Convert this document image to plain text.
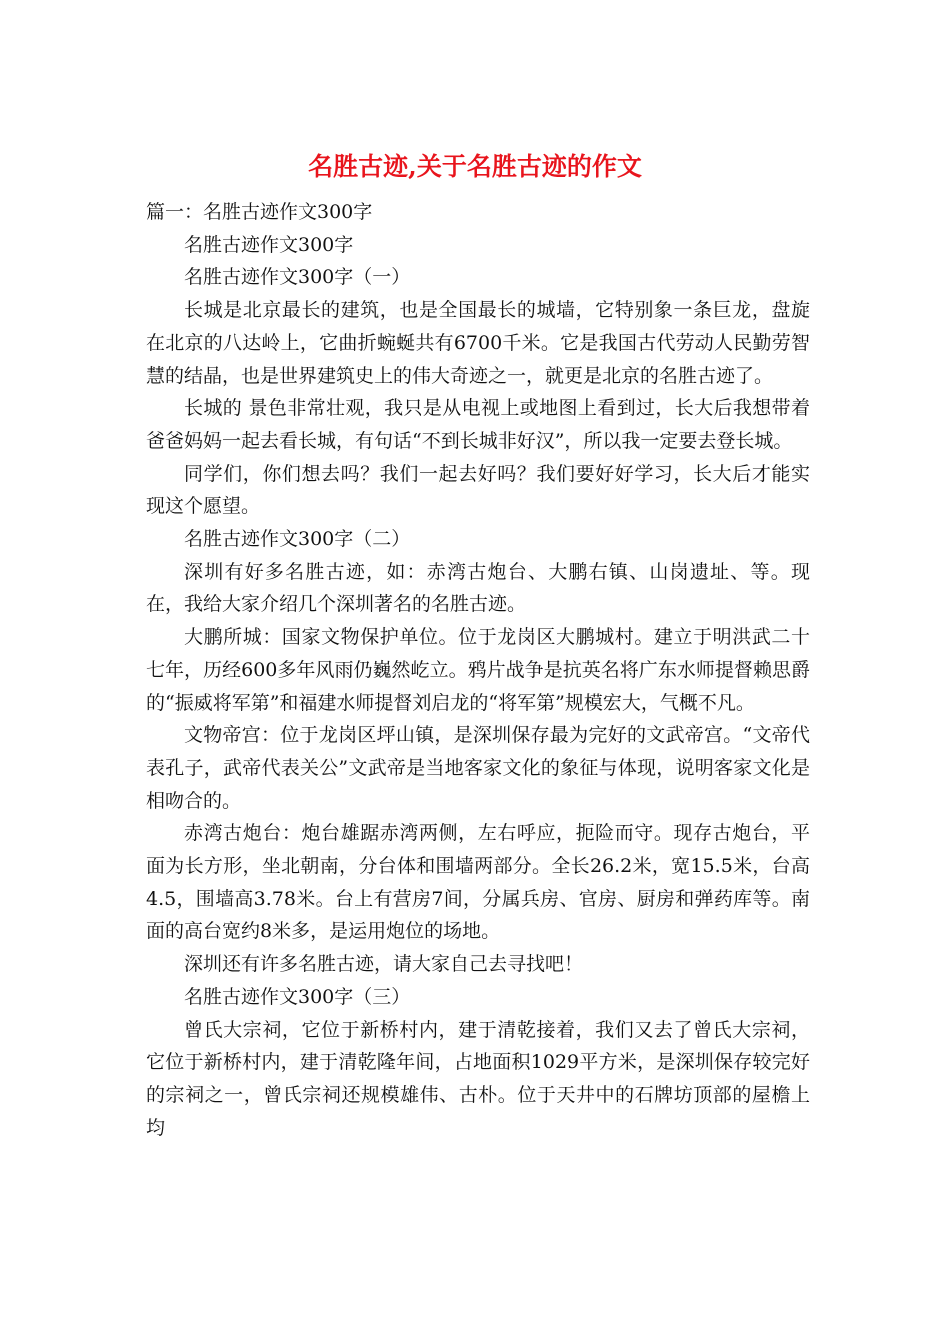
名胜古迹,关于名胜古迹的作文

篇一：名胜古迹作文300字

名胜古迹作文300字

名胜古迹作文300字（一）

长城是北京最长的建筑，也是全国最长的城墙，它特别象一条巨龙，盘旋在北京的八达岭上，它曲折蜿蜒共有6700千米。它是我国古代劳动人民勤劳智慧的结晶，也是世界建筑史上的伟大奇迹之一，就更是北京的名胜古迹了。

长城的 景色非常壮观，我只是从电视上或地图上看到过，长大后我想带着爸爸妈妈一起去看长城，有句话“不到长城非好汉”，所以我一定要去登长城。

同学们，你们想去吗？我们一起去好吗？我们要好好学习，长大后才能实现这个愿望。

名胜古迹作文300字（二）

深圳有好多名胜古迹，如：赤湾古炮台、大鹏右镇、山岗遗址、等。现在，我给大家介绍几个深圳著名的名胜古迹。

大鹏所城：国家文物保护单位。位于龙岗区大鹏城村。建立于明洪武二十七年，历经600多年风雨仍巍然屹立。鸦片战争是抗英名将广东水师提督赖思爵的“振威将军第”和福建水师提督刘启龙的“将军第”规模宏大，气概不凡。

文物帝宫：位于龙岗区坪山镇，是深圳保存最为完好的文武帝宫。“文帝代表孔子，武帝代表关公”文武帝是当地客家文化的象征与体现，说明客家文化是相吻合的。

赤湾古炮台：炮台雄踞赤湾两侧，左右呼应，扼险而守。现存古炮台，平面为长方形，坐北朝南，分台体和围墙两部分。全长26.2米，宽15.5米，台高4.5，围墙高3.78米。台上有营房7间，分属兵房、官房、厨房和弹药库等。南面的高台宽约8米多，是运用炮位的场地。

深圳还有许多名胜古迹，请大家自己去寻找吧！

名胜古迹作文300字（三）

曾氏大宗祠，它位于新桥村内，建于清乾接着，我们又去了曾氏大宗祠，它位于新桥村内，建于清乾隆年间，占地面积1029平方米，是深圳保存较完好的宗祠之一，曾氏宗祠还规模雄伟、古朴。位于天井中的石牌坊顶部的屋檐上均
